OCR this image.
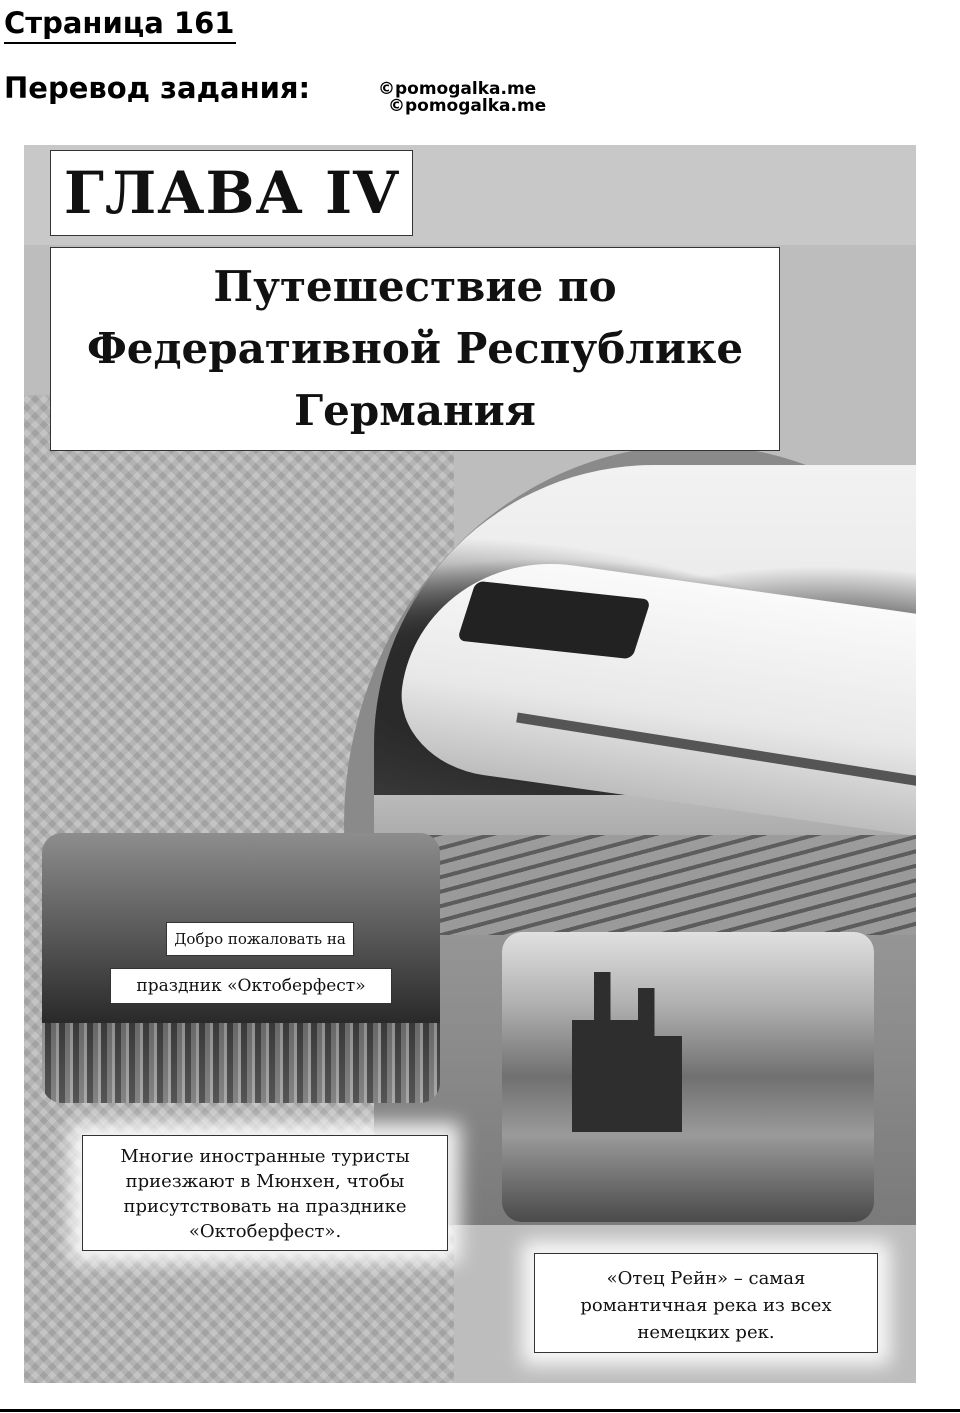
Страница 161
Перевод задания:	©pomogalka.me
©pomogalka.me
ГЛАВА IV
Путешествие по
Федеративной Республике
Германия
Добро пожаловать на
праздник «Октоберфест»
Многие иностранные туристы
приезжают в Мюнхен, чтобы
присутствовать на празднике
«Октоберфест».
«Отец Рейн» – самая
романтичная река из всех
немецких рек.
